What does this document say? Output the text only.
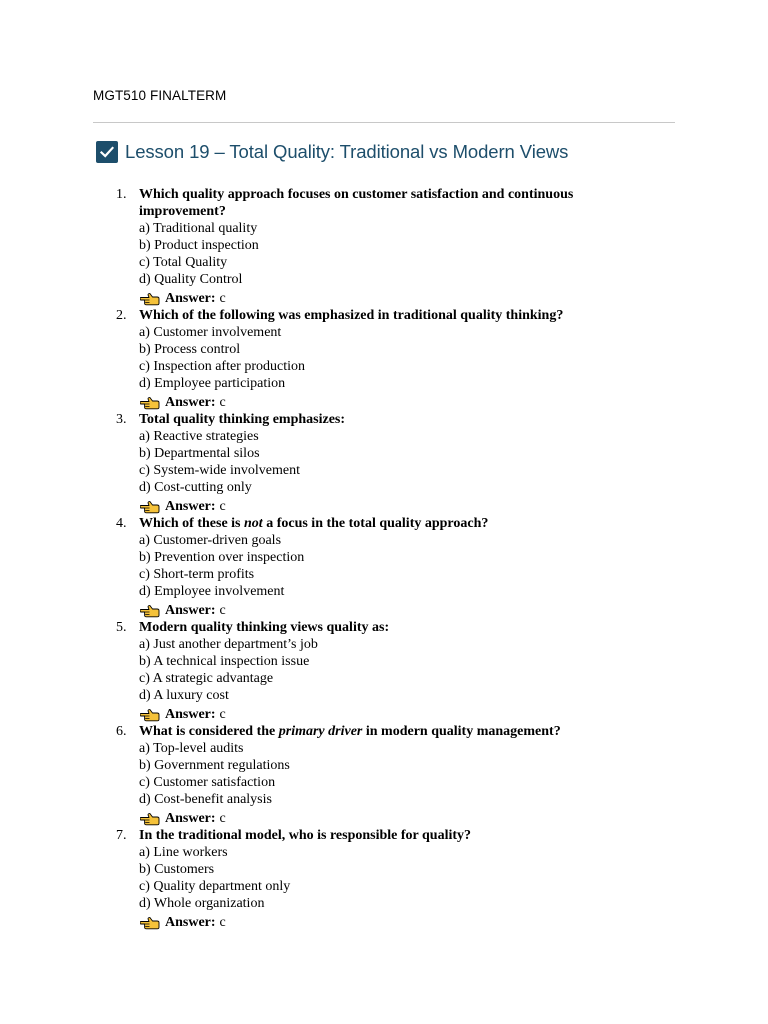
MGT510 FINALTERM
Lesson 19 – Total Quality: Traditional vs Modern Views
1. Which quality approach focuses on customer satisfaction and continuous improvement?
a) Traditional quality
b) Product inspection
c) Total Quality
d) Quality Control
Answer: c
2. Which of the following was emphasized in traditional quality thinking?
a) Customer involvement
b) Process control
c) Inspection after production
d) Employee participation
Answer: c
3. Total quality thinking emphasizes:
a) Reactive strategies
b) Departmental silos
c) System-wide involvement
d) Cost-cutting only
Answer: c
4. Which of these is not a focus in the total quality approach?
a) Customer-driven goals
b) Prevention over inspection
c) Short-term profits
d) Employee involvement
Answer: c
5. Modern quality thinking views quality as:
a) Just another department’s job
b) A technical inspection issue
c) A strategic advantage
d) A luxury cost
Answer: c
6. What is considered the primary driver in modern quality management?
a) Top-level audits
b) Government regulations
c) Customer satisfaction
d) Cost-benefit analysis
Answer: c
7. In the traditional model, who is responsible for quality?
a) Line workers
b) Customers
c) Quality department only
d) Whole organization
Answer: c
